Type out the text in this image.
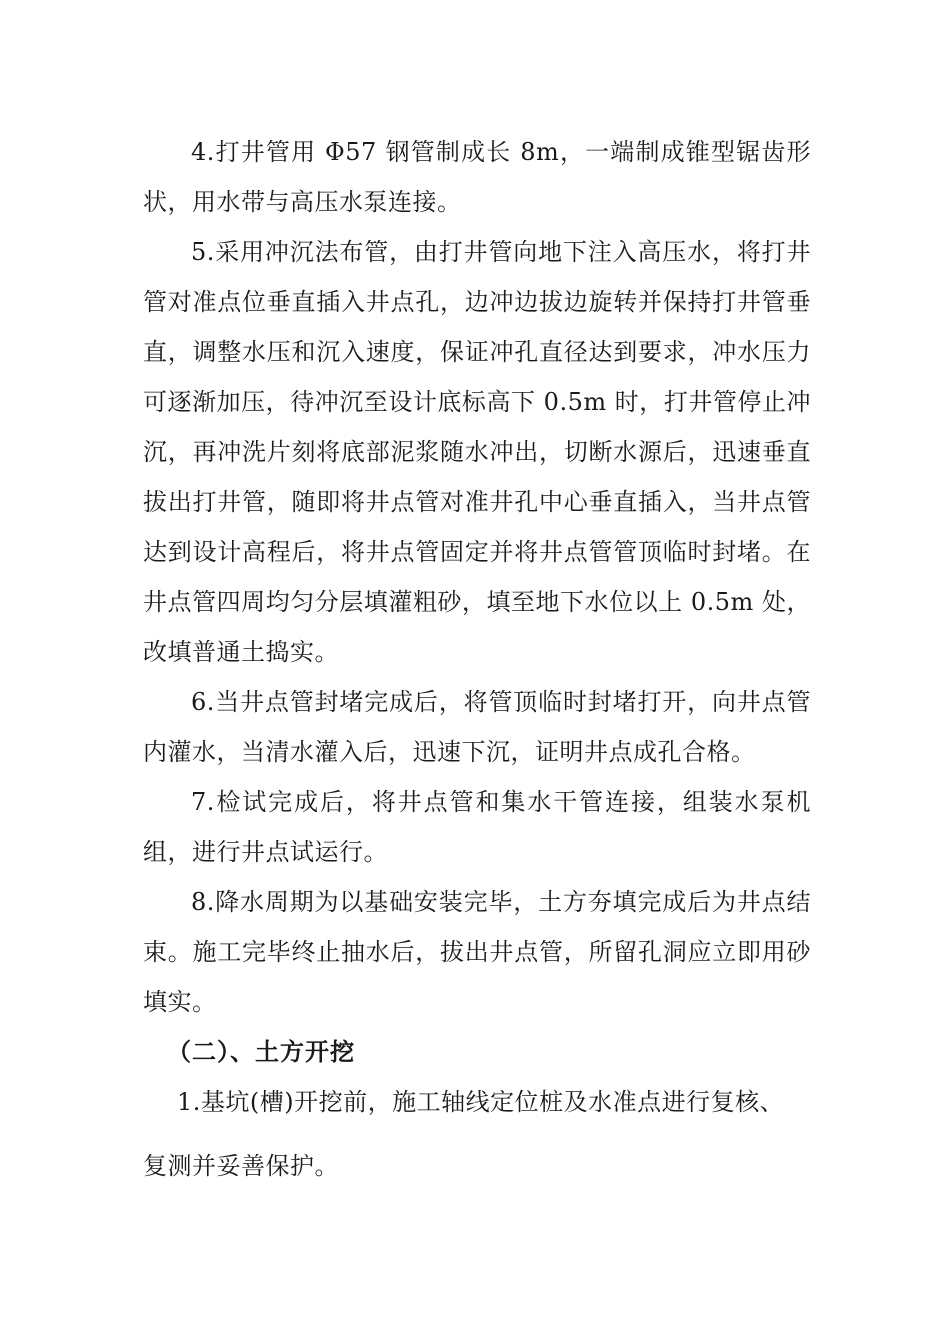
4.打井管用 Φ57 钢管制成长 8m，一端制成锥型锯齿形状，用水带与高压水泵连接。

5.采用冲沉法布管，由打井管向地下注入高压水，将打井管对准点位垂直插入井点孔，边冲边拔边旋转并保持打井管垂直，调整水压和沉入速度，保证冲孔直径达到要求，冲水压力可逐渐加压，待冲沉至设计底标高下 0.5m 时，打井管停止冲沉，再冲洗片刻将底部泥浆随水冲出，切断水源后，迅速垂直拔出打井管，随即将井点管对准井孔中心垂直插入，当井点管达到设计高程后，将井点管固定并将井点管管顶临时封堵。在井点管四周均匀分层填灌粗砂，填至地下水位以上 0.5m 处，改填普通土捣实。

6.当井点管封堵完成后，将管顶临时封堵打开，向井点管内灌水，当清水灌入后，迅速下沉，证明井点成孔合格。

7.检试完成后，将井点管和集水干管连接，组装水泵机组，进行井点试运行。

8.降水周期为以基础安装完毕，土方夯填完成后为井点结束。施工完毕终止抽水后，拔出井点管，所留孔洞应立即用砂填实。

（二）、土方开挖

1.基坑(槽)开挖前，施工轴线定位桩及水准点进行复核、

复测并妥善保护。
